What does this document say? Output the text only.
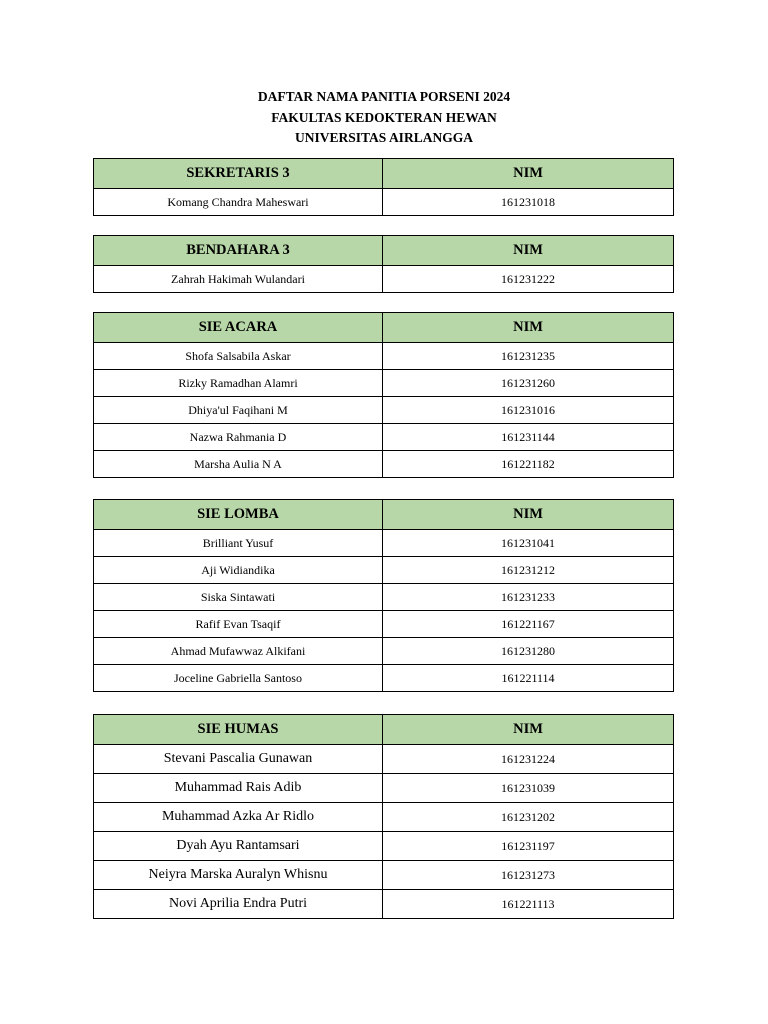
DAFTAR NAMA PANITIA PORSENI 2024
FAKULTAS KEDOKTERAN HEWAN
UNIVERSITAS AIRLANGGA
SEKRETARIS 3	NIM
Komang Chandra Maheswari	161231018
BENDAHARA 3	NIM
Zahrah Hakimah Wulandari	161231222
SIE ACARA	NIM
Shofa Salsabila Askar	161231235
Rizky Ramadhan Alamri	161231260
Dhiya'ul Faqihani M	161231016
Nazwa Rahmania D	161231144
Marsha Aulia N A	161221182
SIE LOMBA	NIM
Brilliant Yusuf	161231041
Aji Widiandika	161231212
Siska Sintawati	161231233
Rafif Evan Tsaqif	161221167
Ahmad Mufawwaz Alkifani	161231280
Joceline Gabriella Santoso	161221114
SIE HUMAS	NIM
Stevani Pascalia Gunawan	161231224
Muhammad Rais Adib	161231039
Muhammad Azka Ar Ridlo	161231202
Dyah Ayu Rantamsari	161231197
Neiyra Marska Auralyn Whisnu	161231273
Novi Aprilia Endra Putri	161221113
